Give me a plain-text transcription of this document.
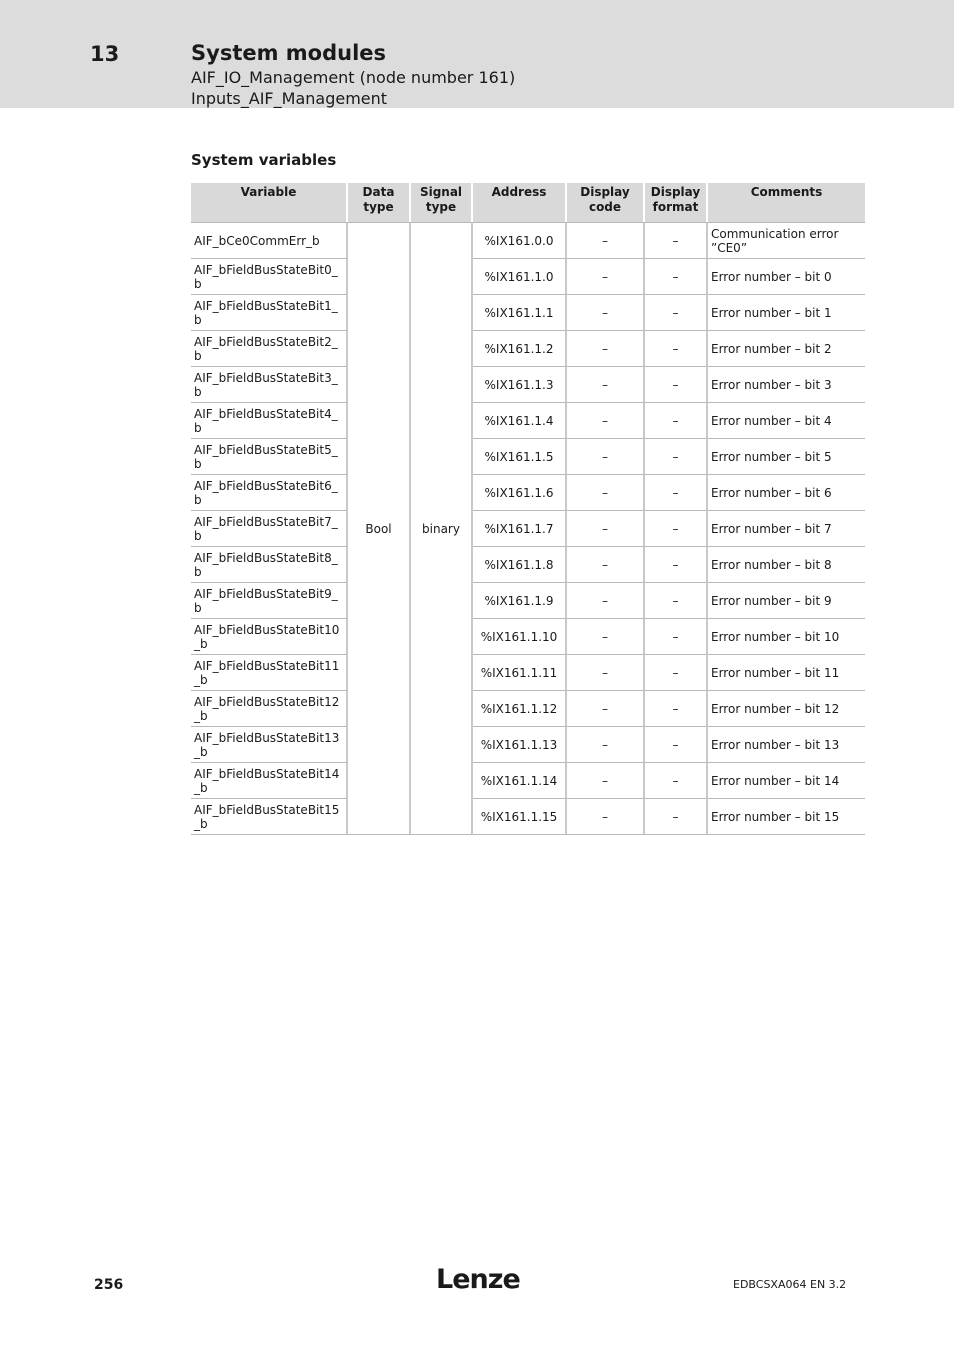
13	System modules
AIF_IO_Management (node number 161)
Inputs_AIF_Management
System variables
Variable	Data type	Signal type	Address	Display code	Display format	Comments
AIF_bCe0CommErr_b	Bool	binary	%IX161.0.0	–	–	Communication error ”CE0”
AIF_bFieldBusStateBit0_b			%IX161.1.0	–	–	Error number – bit 0
AIF_bFieldBusStateBit1_b			%IX161.1.1	–	–	Error number – bit 1
AIF_bFieldBusStateBit2_b			%IX161.1.2	–	–	Error number – bit 2
AIF_bFieldBusStateBit3_b			%IX161.1.3	–	–	Error number – bit 3
AIF_bFieldBusStateBit4_b			%IX161.1.4	–	–	Error number – bit 4
AIF_bFieldBusStateBit5_b			%IX161.1.5	–	–	Error number – bit 5
AIF_bFieldBusStateBit6_b			%IX161.1.6	–	–	Error number – bit 6
AIF_bFieldBusStateBit7_b			%IX161.1.7	–	–	Error number – bit 7
AIF_bFieldBusStateBit8_b			%IX161.1.8	–	–	Error number – bit 8
AIF_bFieldBusStateBit9_b			%IX161.1.9	–	–	Error number – bit 9
AIF_bFieldBusStateBit10_b			%IX161.1.10	–	–	Error number – bit 10
AIF_bFieldBusStateBit11_b			%IX161.1.11	–	–	Error number – bit 11
AIF_bFieldBusStateBit12_b			%IX161.1.12	–	–	Error number – bit 12
AIF_bFieldBusStateBit13_b			%IX161.1.13	–	–	Error number – bit 13
AIF_bFieldBusStateBit14_b			%IX161.1.14	–	–	Error number – bit 14
AIF_bFieldBusStateBit15_b			%IX161.1.15	–	–	Error number – bit 15
256	Lenze	EDBCSXA064 EN 3.2
